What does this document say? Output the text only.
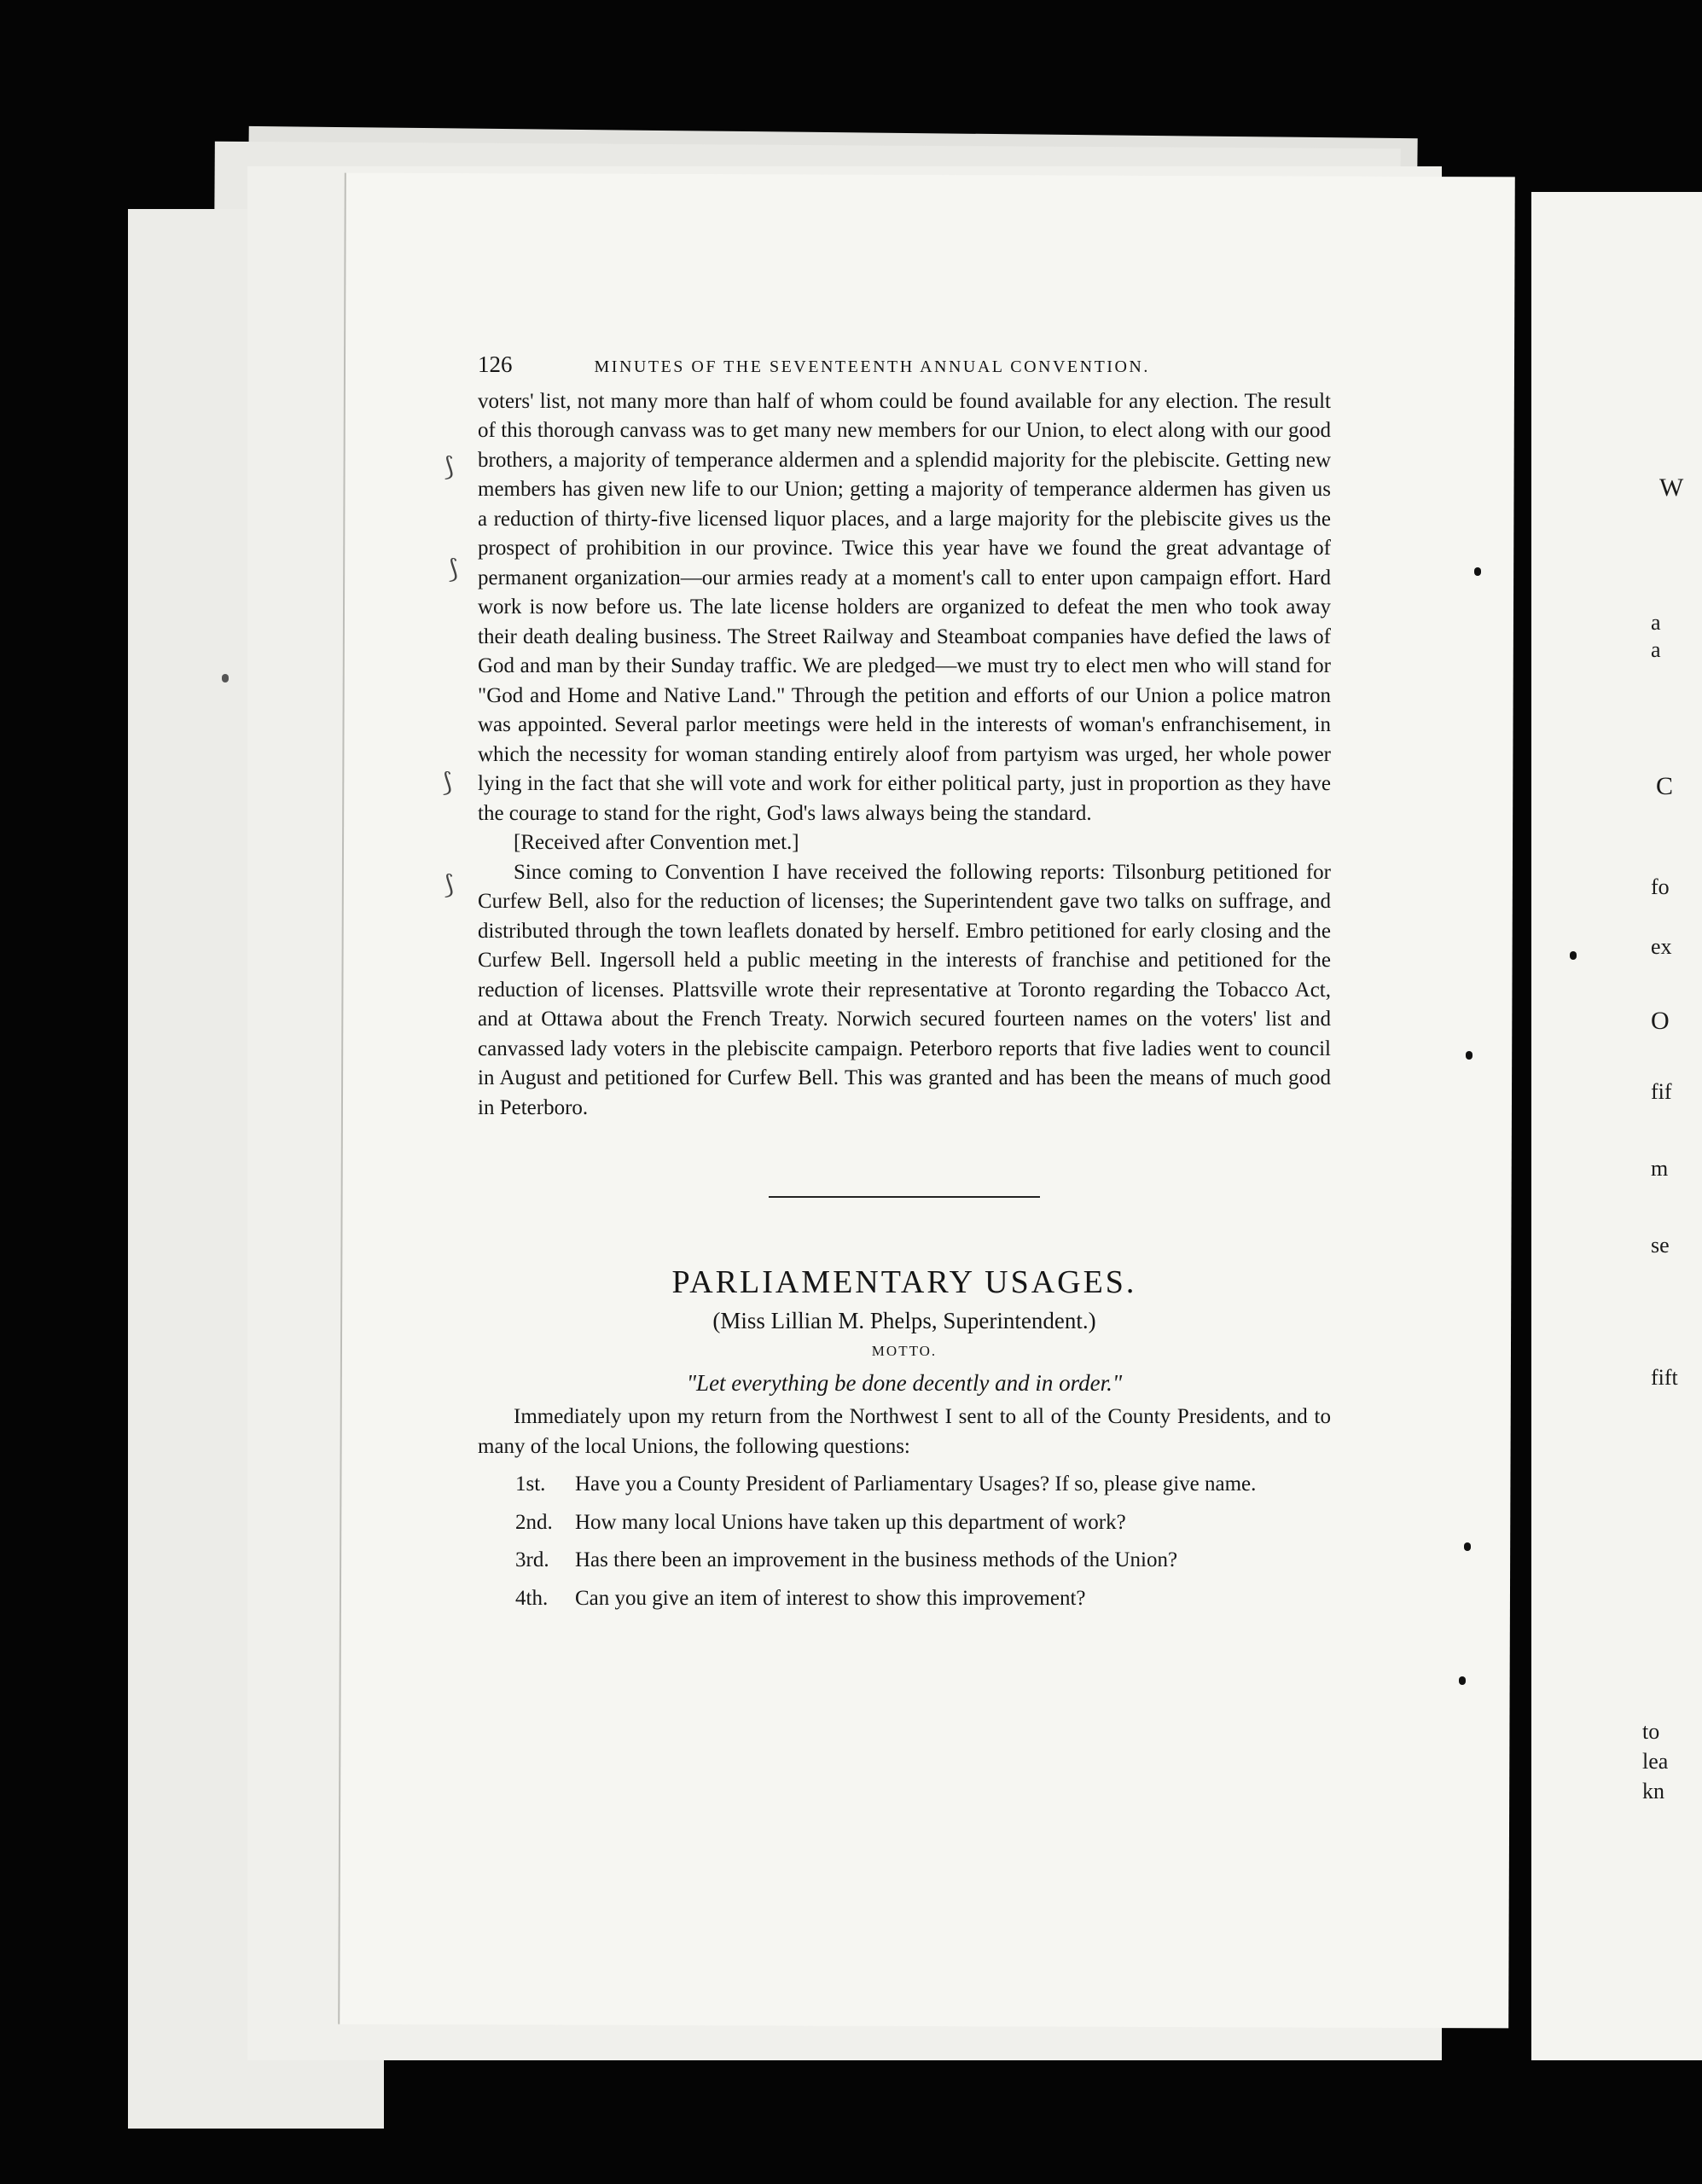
W
a
a
C
fo
ex
O
fif
m
se
fift
to
lea
kn
⟆
⟆
⟆
⟆
126	MINUTES OF THE SEVENTEENTH ANNUAL CONVENTION.

voters' list, not many more than half of whom could be found available for any election. The result of this thorough canvass was to get many new members for our Union, to elect along with our good brothers, a majority of temperance aldermen and a splendid majority for the plebiscite. Getting new members has given new life to our Union; getting a majority of temperance aldermen has given us a reduction of thirty-five licensed liquor places, and a large majority for the plebiscite gives us the prospect of prohibition in our province. Twice this year have we found the great advantage of permanent organization—our armies ready at a moment's call to enter upon campaign effort. Hard work is now before us. The late license holders are organized to defeat the men who took away their death dealing business. The Street Railway and Steamboat companies have defied the laws of God and man by their Sunday traffic. We are pledged—we must try to elect men who will stand for "God and Home and Native Land." Through the petition and efforts of our Union a police matron was appointed. Several parlor meetings were held in the interests of woman's enfranchisement, in which the necessity for woman standing entirely aloof from partyism was urged, her whole power lying in the fact that she will vote and work for either political party, just in proportion as they have the courage to stand for the right, God's laws always being the standard.

[Received after Convention met.]

Since coming to Convention I have received the following reports: Tilsonburg petitioned for Curfew Bell, also for the reduction of licenses; the Superintendent gave two talks on suffrage, and distributed through the town leaflets donated by herself. Embro petitioned for early closing and the Curfew Bell. Ingersoll held a public meeting in the interests of franchise and petitioned for the reduction of licenses. Plattsville wrote their representative at Toronto regarding the Tobacco Act, and at Ottawa about the French Treaty. Norwich secured fourteen names on the voters' list and canvassed lady voters in the plebiscite campaign. Peterboro reports that five ladies went to council in August and petitioned for Curfew Bell. This was granted and has been the means of much good in Peterboro.

PARLIAMENTARY USAGES.
(Miss Lillian M. Phelps, Superintendent.)
MOTTO.
"Let everything be done decently and in order."

Immediately upon my return from the Northwest I sent to all of the County Presidents, and to many of the local Unions, the following questions:

1st.	Have you a County President of Parliamentary Usages? If so, please give name.
2nd. How many local Unions have taken up this department of work?
3rd. Has there been an improvement in the business methods of the Union?
4th. Can you give an item of interest to show this improvement?
